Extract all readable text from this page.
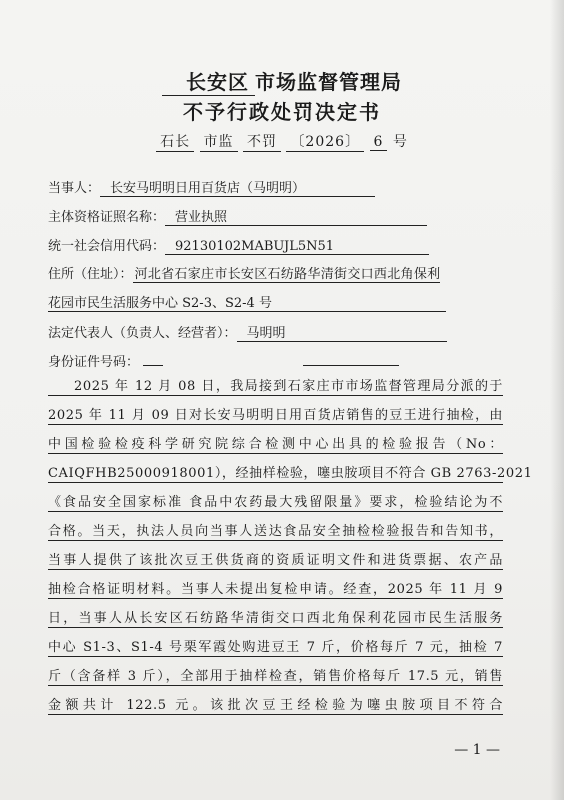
长安区 市场监督管理局
不予行政处罚决定书
石长 市监 不罚 〔2026〕 6 号
当事人： 长安马明明日用百货店（马明明）
主体资格证照名称： 营业执照
统一社会信用代码： 92130102MABUJL5N51
住所（住址）： 河北省石家庄市长安区石纺路华清街交口西北角保利
花园市民生活服务中心 S2-3、S2-4 号
法定代表人（负责人、经营者）： 马明明
身份证件号码：
2025 年 12 月 08 日，我局接到石家庄市市场监督管理局分派的于
2025 年 11 月 09 日对长安马明明日用百货店销售的豆王进行抽检，由
中国检验检疫科学研究院综合检测中心出具的检验报告（No：
CAIQFHB25000918001），经抽样检验，噻虫胺项目不符合 GB 2763-2021
《食品安全国家标准 食品中农药最大残留限量》要求，检验结论为不
合格。当天，执法人员向当事人送达食品安全抽检检验报告和告知书，
当事人提供了该批次豆王供货商的资质证明文件和进货票据、农产品
抽检合格证明材料。当事人未提出复检申请。经查，2025 年 11 月 9
日，当事人从长安区石纺路华清街交口西北角保利花园市民生活服务
中心 S1-3、S1-4 号栗军霞处购进豆王 7 斤，价格每斤 7 元，抽检 7
斤（含备样 3 斤），全部用于抽样检查，销售价格每斤 17.5 元，销售
金额共计 122.5 元。该批次豆王经检验为噻虫胺项目不符合
— 1 —
